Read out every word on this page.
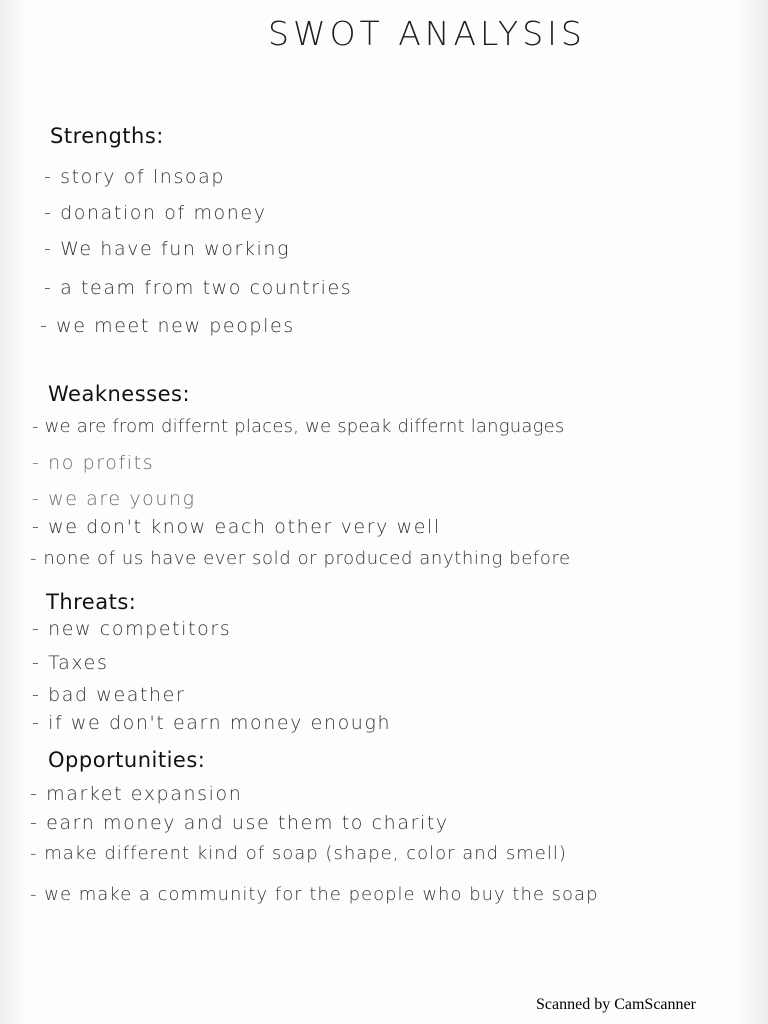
SWOT ANALYSIS
Strengths:
- story of lnsoap
- donation of money
- We have fun working
- a team from two countries
- we meet new peoples
Weaknesses:
- we are from differnt places, we speak differnt languages
- no profits
- we are young
- we don't know each other very well
- none of us have ever sold or produced anything before
Threats:
- new competitors
- Taxes
- bad weather
- if we don't earn money enough
Opportunities:
- market expansion
- earn money and use them to charity
- make different kind of soap (shape, color and smell)
- we make a community for the people who buy the soap
Scanned by CamScanner
